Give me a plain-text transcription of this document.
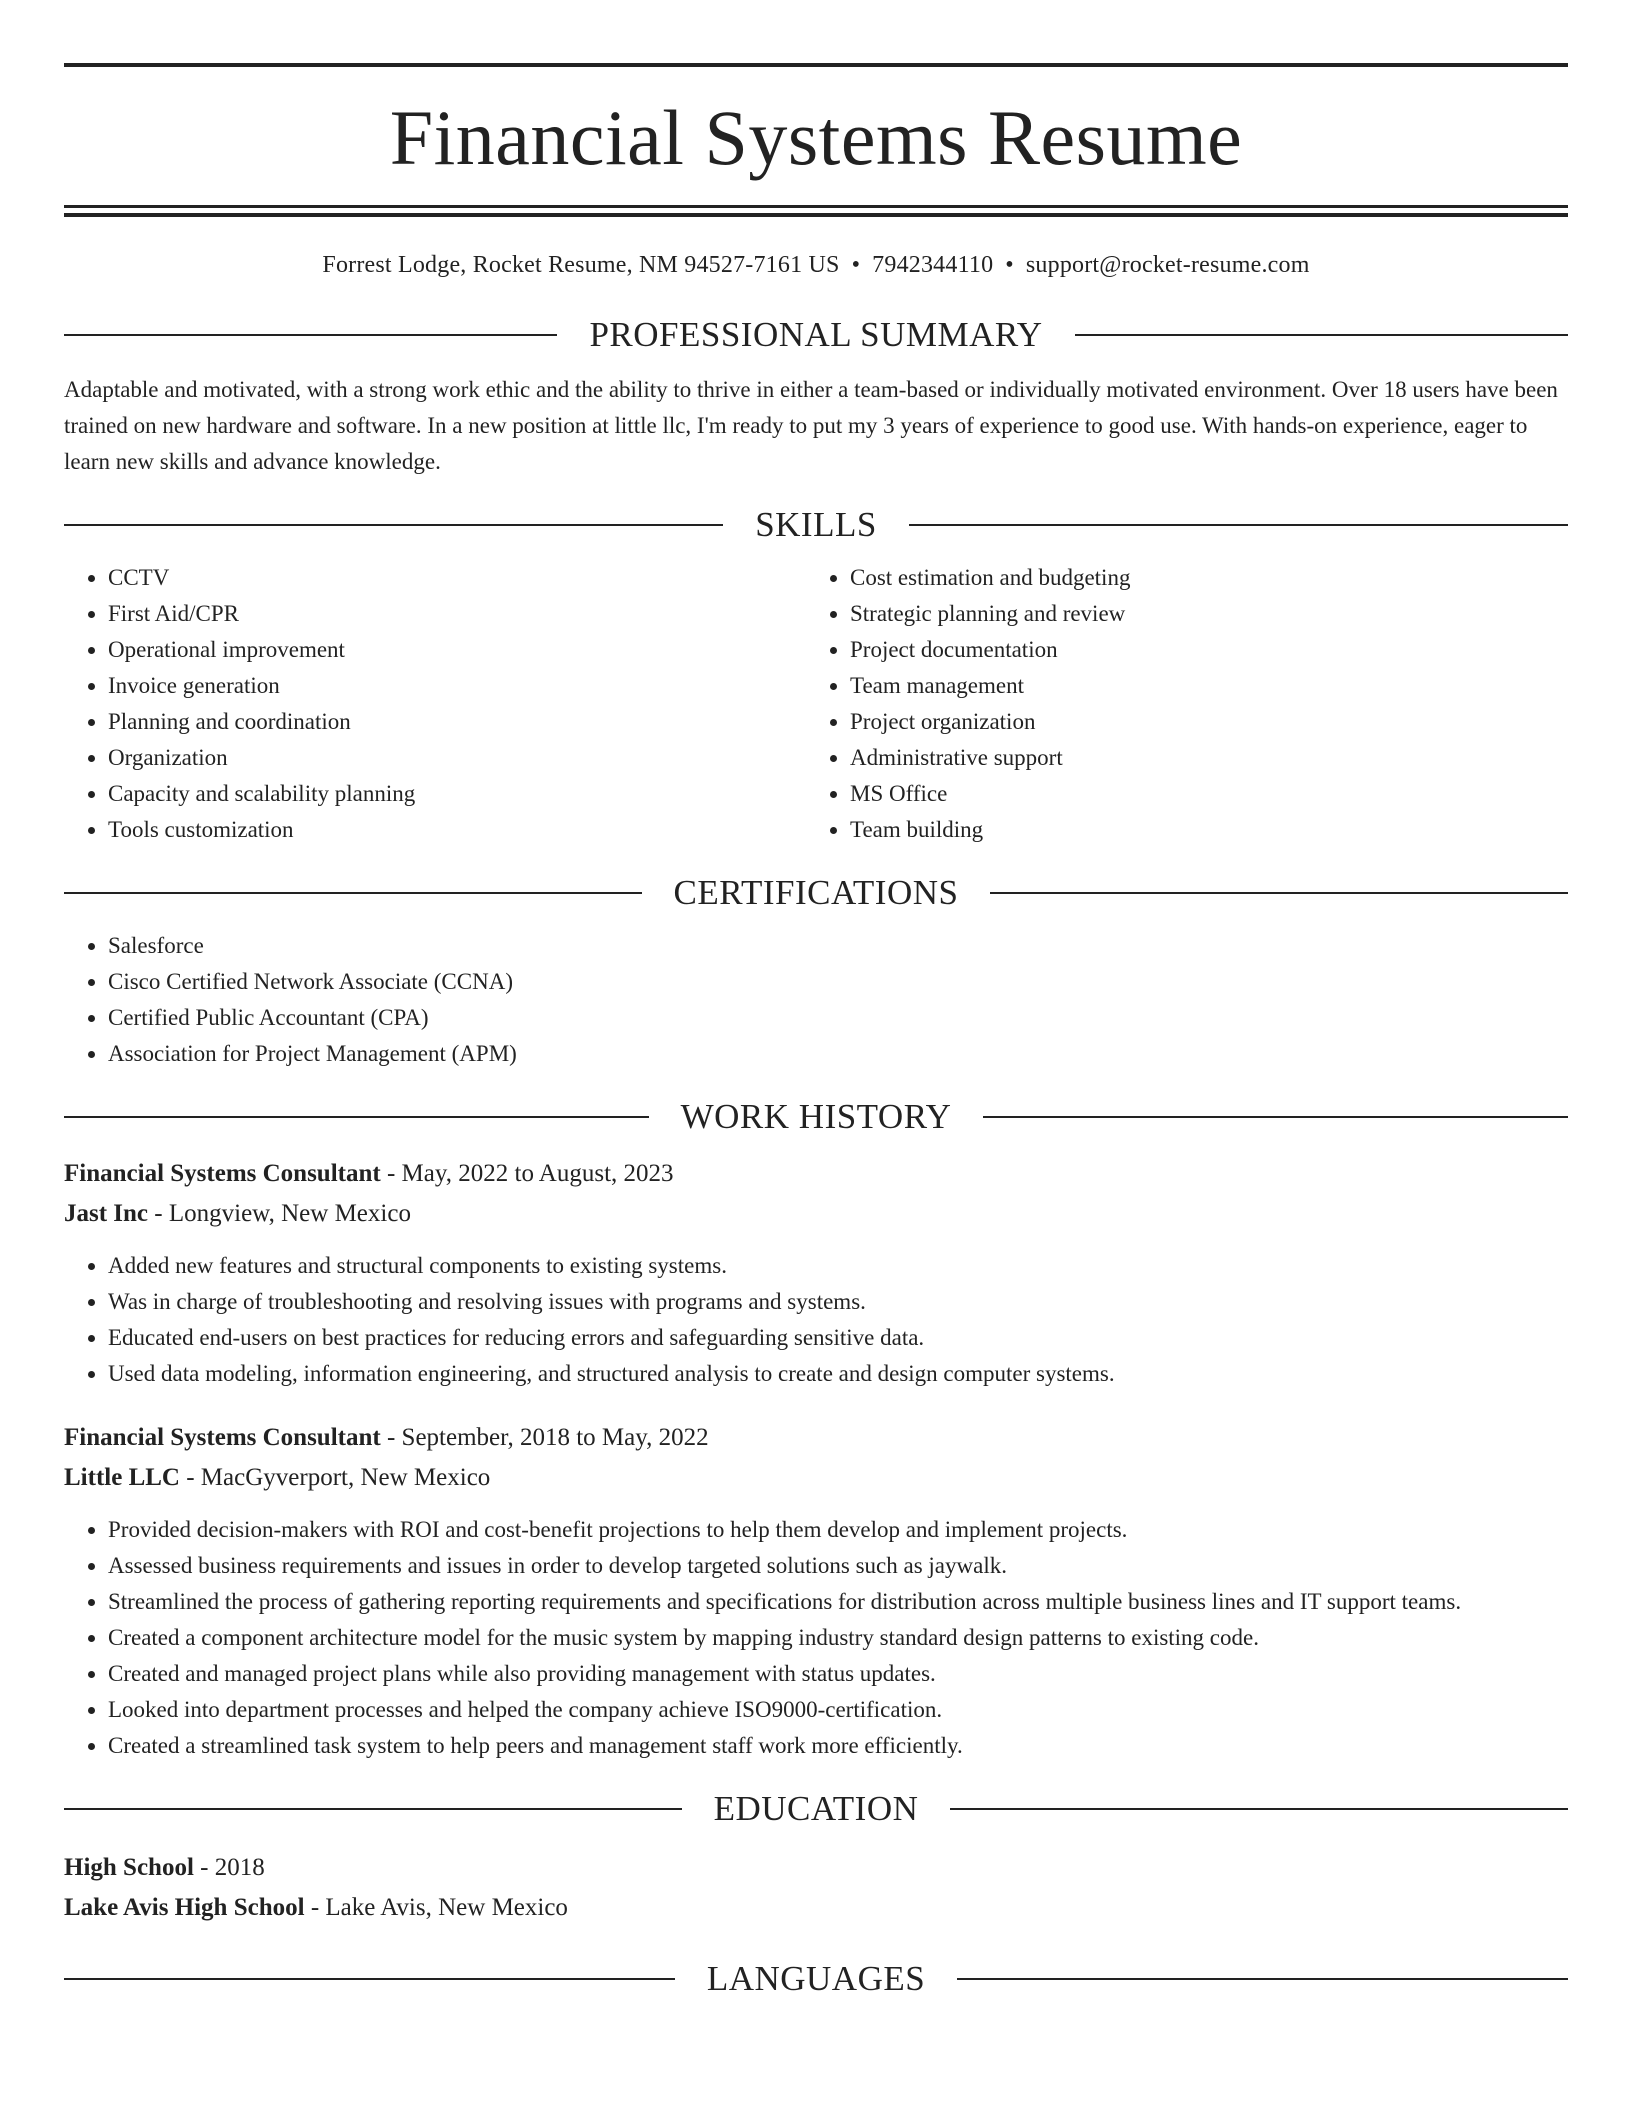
Financial Systems Resume
Forrest Lodge, Rocket Resume, NM 94527-7161 US • 7942344110 • support@rocket-resume.com
PROFESSIONAL SUMMARY

Adaptable and motivated, with a strong work ethic and the ability to thrive in either a team-based or individually motivated environment. Over 18 users have been trained on new hardware and software. In a new position at little llc, I'm ready to put my 3 years of experience to good use. With hands-on experience, eager to learn new skills and advance knowledge.

SKILLS
• CCTV
• First Aid/CPR
• Operational improvement
• Invoice generation
• Planning and coordination
• Organization
• Capacity and scalability planning
• Tools customization
• Cost estimation and budgeting
• Strategic planning and review
• Project documentation
• Team management
• Project organization
• Administrative support
• MS Office
• Team building
CERTIFICATIONS
• Salesforce
• Cisco Certified Network Associate (CCNA)
• Certified Public Accountant (CPA)
• Association for Project Management (APM)
WORK HISTORY
Financial Systems Consultant - May, 2022 to August, 2023
Jast Inc - Longview, New Mexico
• Added new features and structural components to existing systems.
• Was in charge of troubleshooting and resolving issues with programs and systems.
• Educated end-users on best practices for reducing errors and safeguarding sensitive data.
• Used data modeling, information engineering, and structured analysis to create and design computer systems.
Financial Systems Consultant - September, 2018 to May, 2022
Little LLC - MacGyverport, New Mexico
• Provided decision-makers with ROI and cost-benefit projections to help them develop and implement projects.
• Assessed business requirements and issues in order to develop targeted solutions such as jaywalk.
• Streamlined the process of gathering reporting requirements and specifications for distribution across multiple business lines and IT support teams.
• Created a component architecture model for the music system by mapping industry standard design patterns to existing code.
• Created and managed project plans while also providing management with status updates.
• Looked into department processes and helped the company achieve ISO9000-certification.
• Created a streamlined task system to help peers and management staff work more efficiently.
EDUCATION
High School - 2018
Lake Avis High School - Lake Avis, New Mexico
LANGUAGES
